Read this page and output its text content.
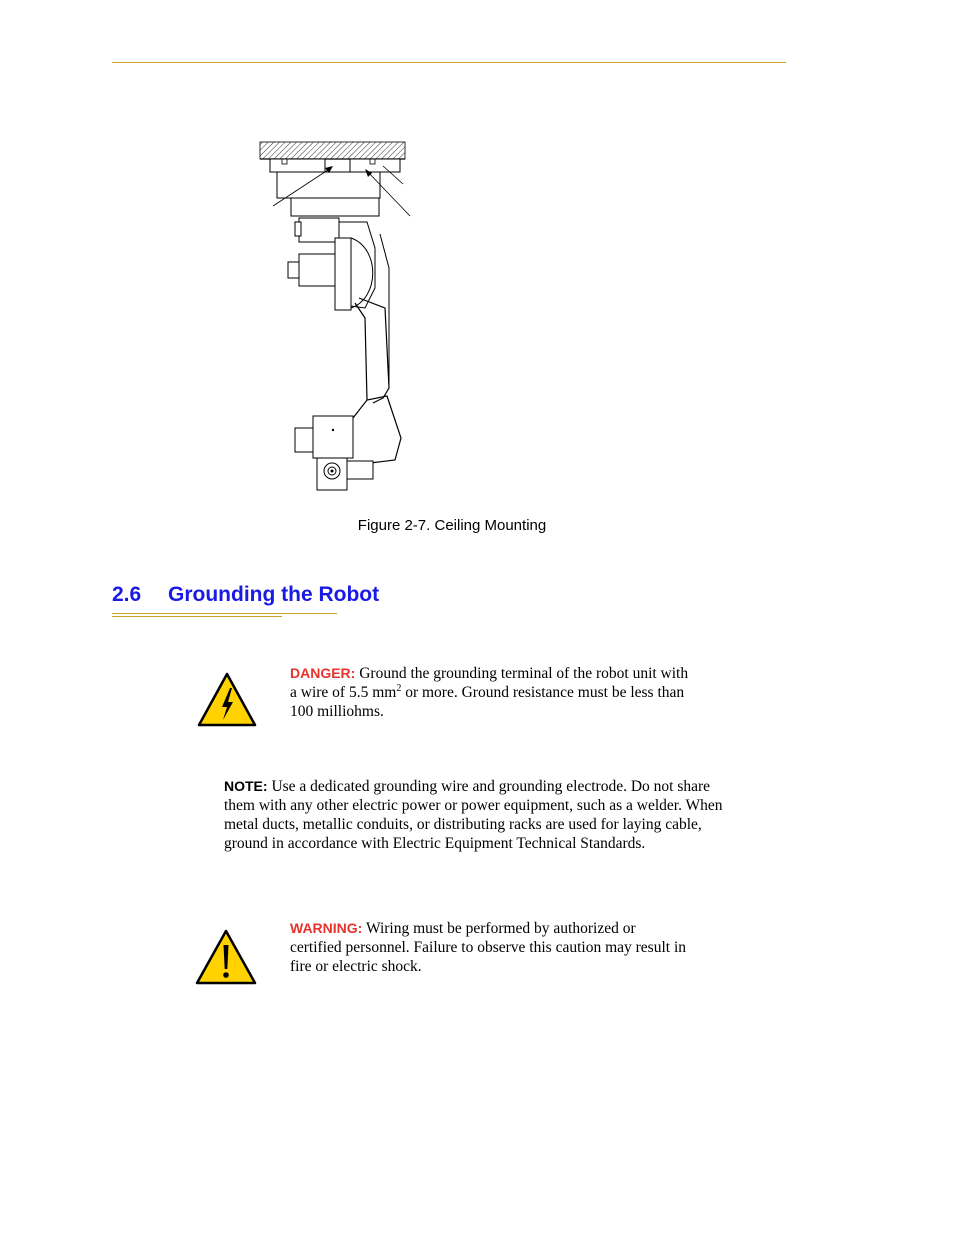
Figure 2-7. Ceiling Mounting
2.6 Grounding the Robot
DANGER: Ground the grounding terminal of the robot unit with a wire of 5.5 $mm^2$ or more. Ground resistance must be less than 100 milliohms.
NOTE: Use a dedicated grounding wire and grounding electrode. Do not share them with any other electric power or power equipment, such as a welder. When metal ducts, metallic conduits, or distributing racks are used for laying cable, ground in accordance with Electric Equipment Technical Standards.
WARNING: Wiring must be performed by authorized or certified personnel. Failure to observe this caution may result in fire or electric shock.
